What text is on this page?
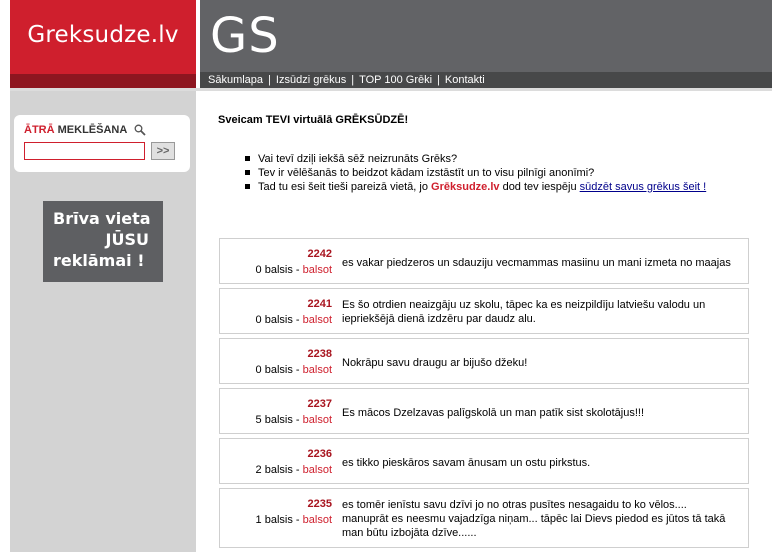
Greksudze.lv GS
Sākumlapa | Izsūdzi grēkus | TOP 100 Grēki | Kontakti
ĀTRĀ MEKLĒŠANA
>>
Brīva vieta
JŪSU
reklāmai !
Sveicam TEVI virtuālā GRĒKSŪDZĒ!
Vai tevī dziļi iekšā sēž neizrunāts Grēks?
Tev ir vēlēšanās to beidzot kādam izstāstīt un to visu pilnīgi anonīmi?
Tad tu esi šeit tieši pareizā vietā, jo Grēksudze.lv dod tev iespēju sūdzēt savus grēkus šeit !
2242
0 balsis - balsot
es vakar piedzeros un sdauziju vecmammas masiinu un mani izmeta no maajas
2241
0 balsis - balsot
Es šo otrdien neaizgāju uz skolu, tāpec ka es neizpildīju latviešu valodu un iepriekšējā dienā izdzēru par daudz alu.
2238
0 balsis - balsot
Nokrāpu savu draugu ar bijušo džeku!
2237
5 balsis - balsot
Es mācos Dzelzavas palīgskolā un man patīk sist skolotājus!!!
2236
2 balsis - balsot
es tikko pieskāros savam ānusam un ostu pirkstus.
2235
1 balsis - balsot
es tomēr ienīstu savu dzīvi jo no otras pusītes nesagaidu to ko vēlos.... manuprāt es neesmu vajadzīga niņam... tāpēc lai Dievs piedod es jūtos tā takā man būtu izbojāta dzīve......
